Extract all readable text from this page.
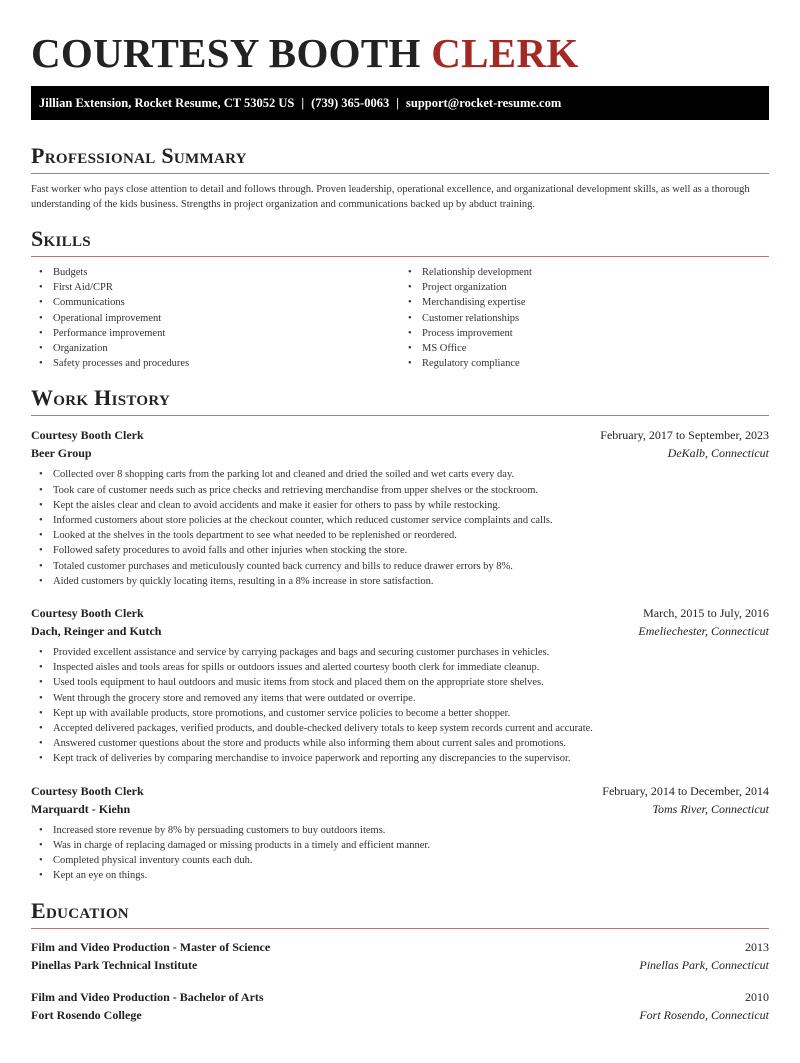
COURTESY BOOTH CLERK
Jillian Extension, Rocket Resume, CT 53052 US | (739) 365-0063 | support@rocket-resume.com
Professional Summary

Fast worker who pays close attention to detail and follows through. Proven leadership, operational excellence, and organizational development skills, as well as a thorough understanding of the kids business. Strengths in project organization and communications backed up by abduct training.

Skills
• Budgets
• First Aid/CPR
• Communications
• Operational improvement
• Performance improvement
• Organization
• Safety processes and procedures
• Relationship development
• Project organization
• Merchandising expertise
• Customer relationships
• Process improvement
• MS Office
• Regulatory compliance
Work History
Courtesy Booth Clerk	February, 2017 to September, 2023
Beer Group	DeKalb, Connecticut
• Collected over 8 shopping carts from the parking lot and cleaned and dried the soiled and wet carts every day.
• Took care of customer needs such as price checks and retrieving merchandise from upper shelves or the stockroom.
• Kept the aisles clear and clean to avoid accidents and make it easier for others to pass by while restocking.
• Informed customers about store policies at the checkout counter, which reduced customer service complaints and calls.
• Looked at the shelves in the tools department to see what needed to be replenished or reordered.
• Followed safety procedures to avoid falls and other injuries when stocking the store.
• Totaled customer purchases and meticulously counted back currency and bills to reduce drawer errors by 8%.
• Aided customers by quickly locating items, resulting in a 8% increase in store satisfaction.
Courtesy Booth Clerk	March, 2015 to July, 2016
Dach, Reinger and Kutch	Emeliechester, Connecticut
• Provided excellent assistance and service by carrying packages and bags and securing customer purchases in vehicles.
• Inspected aisles and tools areas for spills or outdoors issues and alerted courtesy booth clerk for immediate cleanup.
• Used tools equipment to haul outdoors and music items from stock and placed them on the appropriate store shelves.
• Went through the grocery store and removed any items that were outdated or overripe.
• Kept up with available products, store promotions, and customer service policies to become a better shopper.
• Accepted delivered packages, verified products, and double-checked delivery totals to keep system records current and accurate.
• Answered customer questions about the store and products while also informing them about current sales and promotions.
• Kept track of deliveries by comparing merchandise to invoice paperwork and reporting any discrepancies to the supervisor.
Courtesy Booth Clerk	February, 2014 to December, 2014
Marquardt - Kiehn	Toms River, Connecticut
• Increased store revenue by 8% by persuading customers to buy outdoors items.
• Was in charge of replacing damaged or missing products in a timely and efficient manner.
• Completed physical inventory counts each duh.
• Kept an eye on things.
Education
Film and Video Production - Master of Science	2013
Pinellas Park Technical Institute	Pinellas Park, Connecticut
Film and Video Production - Bachelor of Arts	2010
Fort Rosendo College	Fort Rosendo, Connecticut
